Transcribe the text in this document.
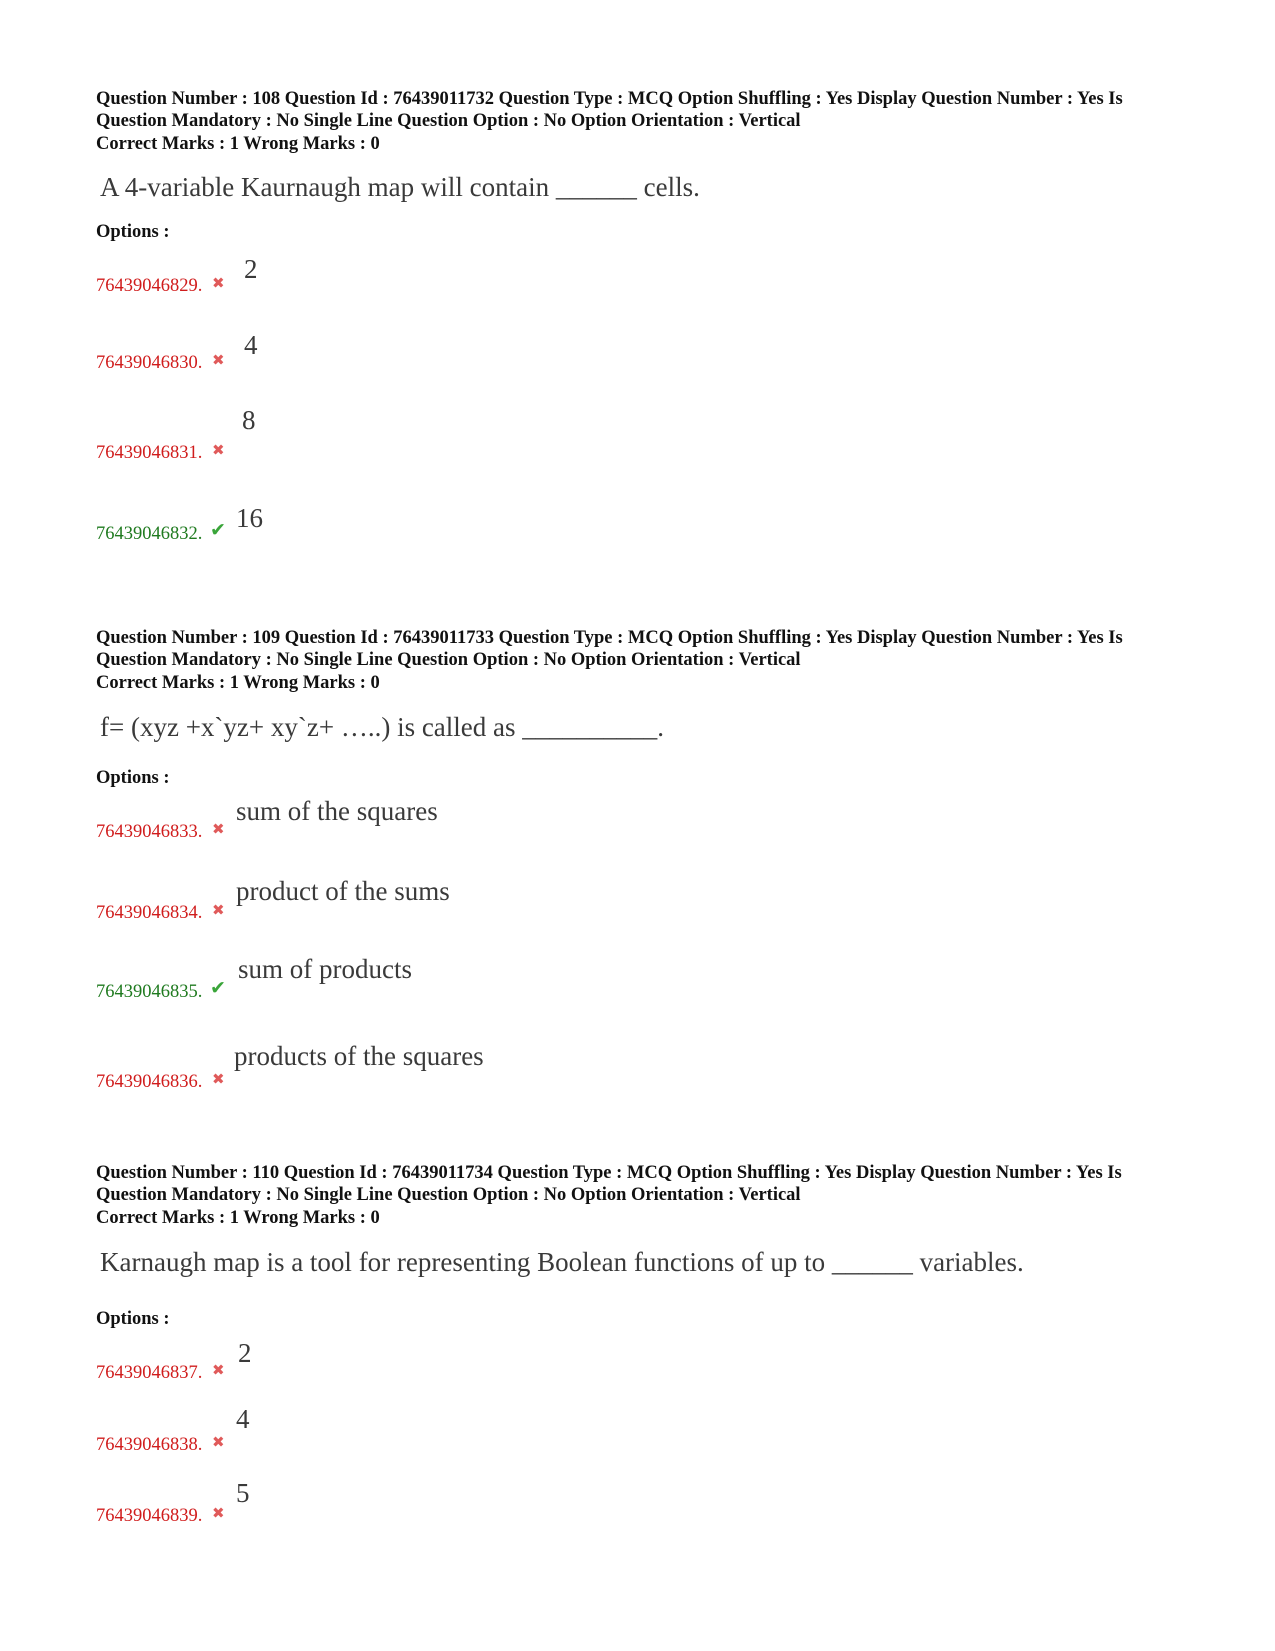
Question Number : 108 Question Id : 76439011732 Question Type : MCQ Option Shuffling : Yes Display Question Number : Yes Is
Question Mandatory : No Single Line Question Option : No Option Orientation : Vertical
Correct Marks : 1 Wrong Marks : 0
A 4-variable Kaurnaugh map will contain ______ cells.
Options :
76439046829. ✖ 2
76439046830. ✖ 4
76439046831. ✖
8
76439046832. ✔ 16
Question Number : 109 Question Id : 76439011733 Question Type : MCQ Option Shuffling : Yes Display Question Number : Yes Is
Question Mandatory : No Single Line Question Option : No Option Orientation : Vertical
Correct Marks : 1 Wrong Marks : 0
f= (xyz +x`yz+ xy`z+ …..) is called as __________.
Options :
76439046833. ✖
sum of the squares
76439046834. ✖
product of the sums
76439046835. ✔
sum of products
76439046836. ✖
products of the squares
Question Number : 110 Question Id : 76439011734 Question Type : MCQ Option Shuffling : Yes Display Question Number : Yes Is
Question Mandatory : No Single Line Question Option : No Option Orientation : Vertical
Correct Marks : 1 Wrong Marks : 0
Karnaugh map is a tool for representing Boolean functions of up to ______ variables.
Options :
76439046837. ✖
2
76439046838. ✖
4
76439046839. ✖
5
